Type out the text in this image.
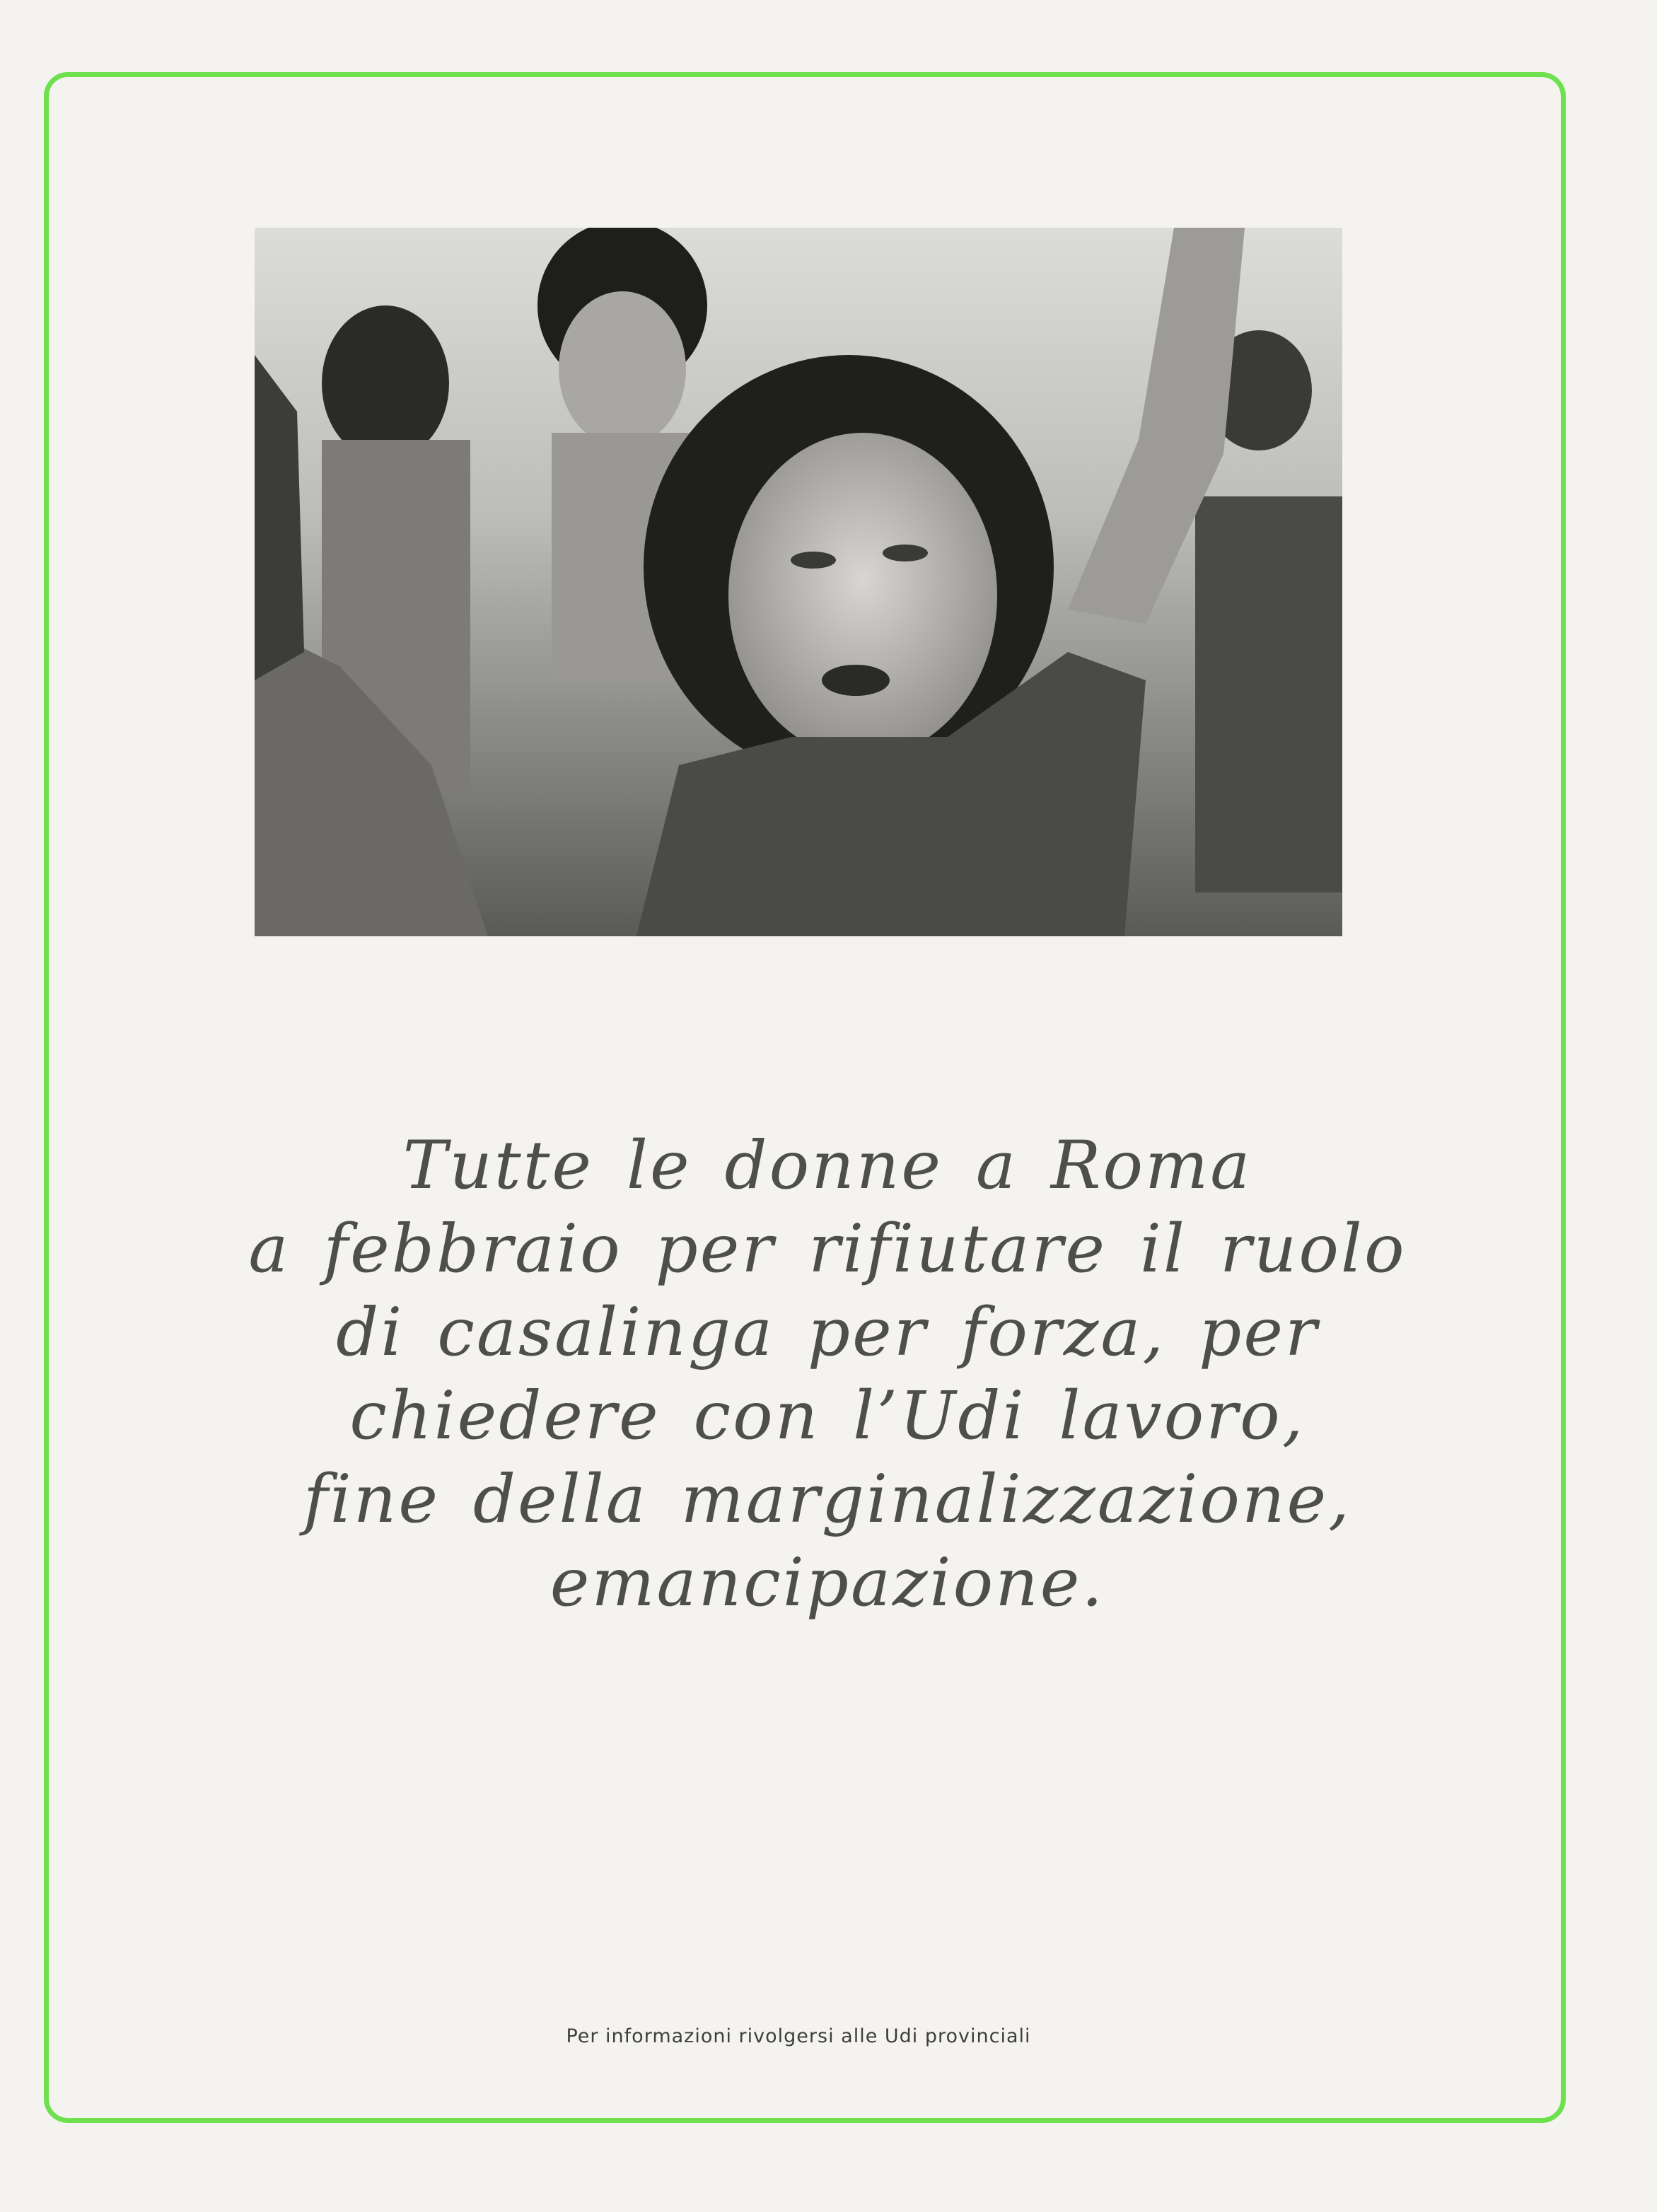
Tutte le donne a Roma
a febbraio per rifiutare il ruolo
di casalinga per forza, per
chiedere con l’Udi lavoro,
fine della marginalizzazione,
emancipazione.

Per informazioni rivolgersi alle Udi provinciali
